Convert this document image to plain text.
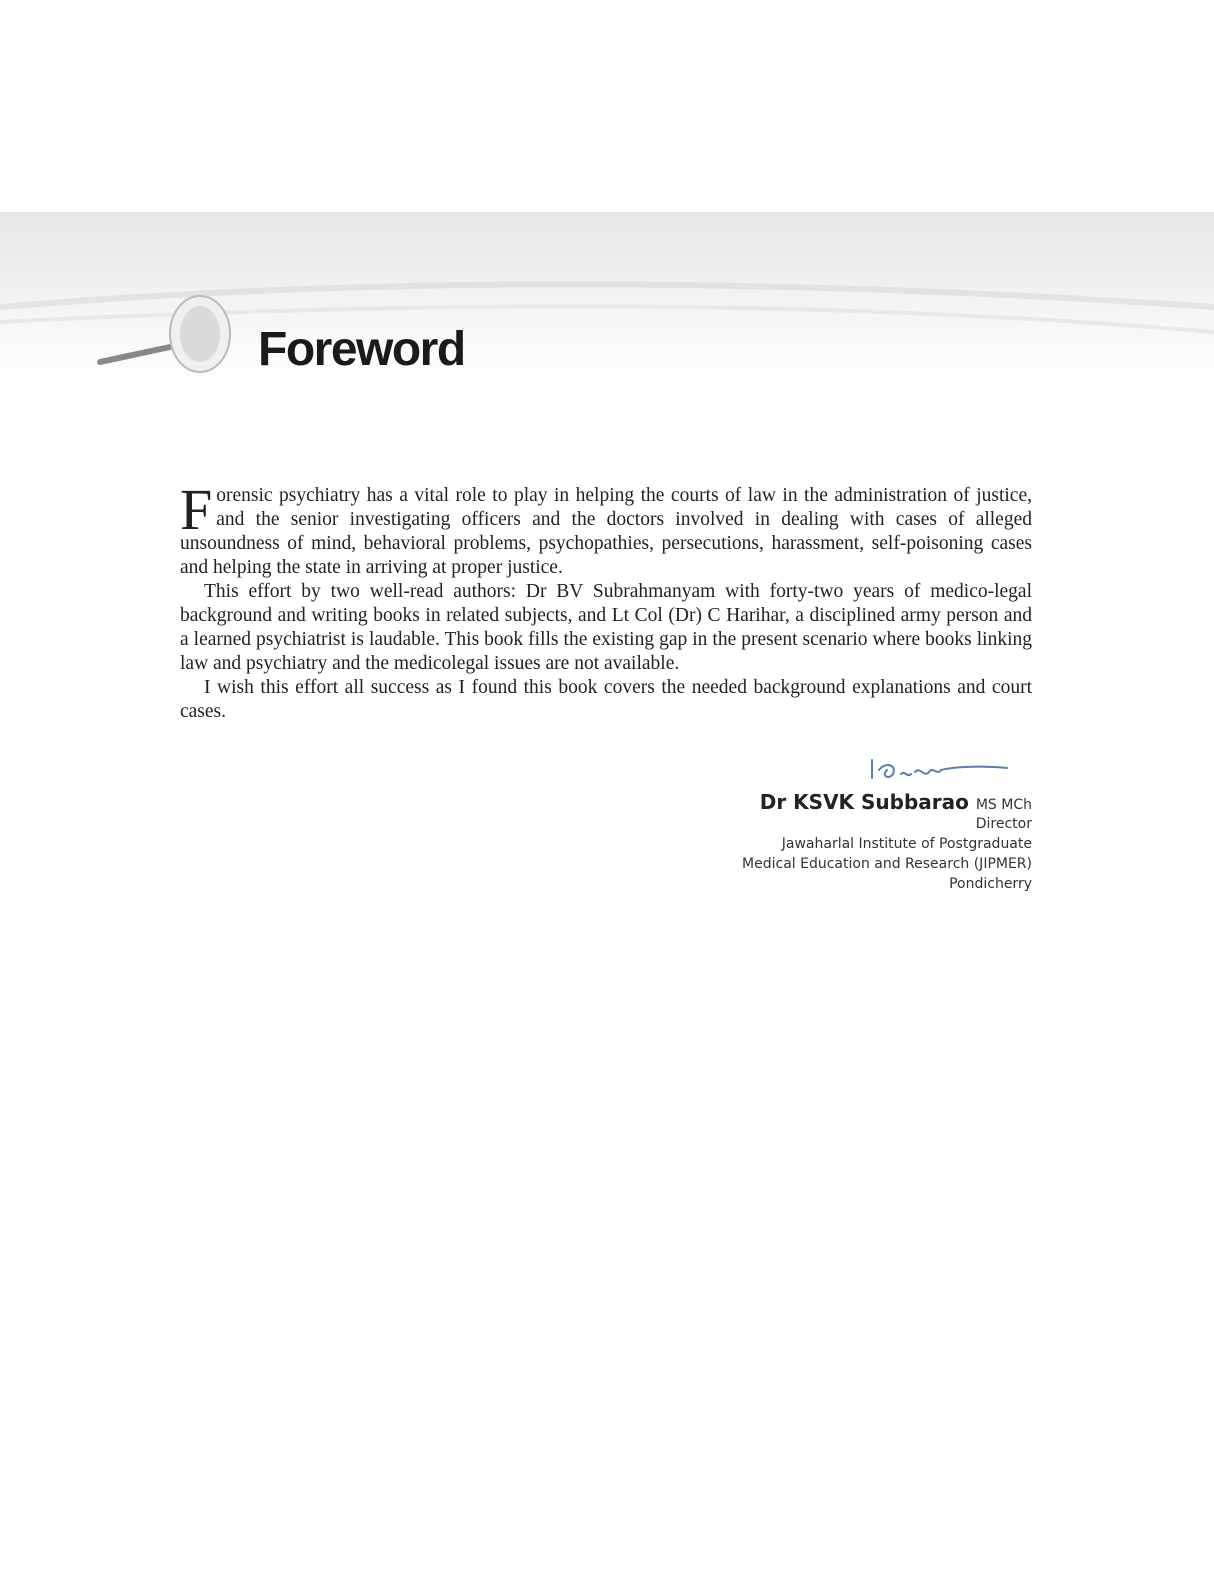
Foreword

Forensic psychiatry has a vital role to play in helping the courts of law in the administration of justice, and the senior investigating officers and the doctors involved in dealing with cases of alleged unsoundness of mind, behavioral problems, psychopathies, persecutions, harassment, self-poisoning cases and helping the state in arriving at proper justice.

This effort by two well-read authors: Dr BV Subrahmanyam with forty-two years of medico-legal background and writing books in related subjects, and Lt Col (Dr) C Harihar, a disciplined army person and a learned psychiatrist is laudable. This book fills the existing gap in the present scenario where books linking law and psychiatry and the medicolegal issues are not available.

I wish this effort all success as I found this book covers the needed background explanations and court cases.

Dr KSVK Subbarao MS MCh
Director
Jawaharlal Institute of Postgraduate
Medical Education and Research (JIPMER)
Pondicherry
